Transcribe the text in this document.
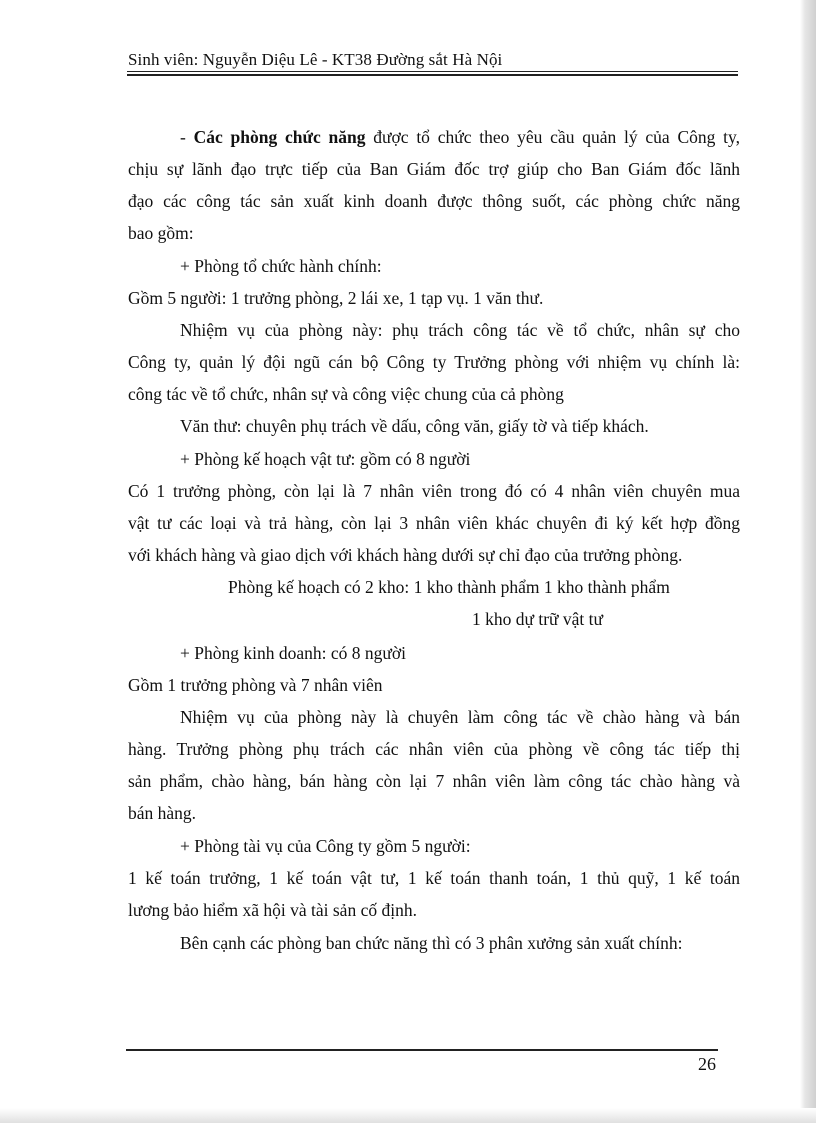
Sinh viên: Nguyễn Diệu Lê - KT38 Đường sắt Hà Nội
- Các phòng chức năng được tổ chức theo yêu cầu quản lý của Công ty,
chịu sự lãnh đạo trực tiếp của Ban Giám đốc trợ giúp cho Ban Giám đốc lãnh
đạo các công tác sản xuất kinh doanh được thông suốt, các phòng chức năng
bao gồm:
+ Phòng tổ chức hành chính:
Gồm 5 người: 1 trưởng phòng, 2 lái xe, 1 tạp vụ. 1 văn thư.
Nhiệm vụ của phòng này: phụ trách công tác về tổ chức, nhân sự cho
Công ty, quản lý đội ngũ cán bộ Công ty Trưởng phòng với nhiệm vụ chính là:
công tác về tổ chức, nhân sự và công việc chung của cả phòng
Văn thư: chuyên phụ trách về dấu, công văn, giấy tờ và tiếp khách.
+ Phòng kế hoạch vật tư: gồm có 8 người
Có 1 trưởng phòng, còn lại là 7 nhân viên trong đó có 4 nhân viên chuyên mua
vật tư các loại và trả hàng, còn lại 3 nhân viên khác chuyên đi ký kết hợp đồng
với khách hàng và giao dịch với khách hàng dưới sự chỉ đạo của trưởng phòng.
Phòng kế hoạch có 2 kho: 1 kho thành phẩm 1 kho thành phẩm
1 kho dự trữ vật tư
+ Phòng kinh doanh: có 8 người
Gồm 1 trưởng phòng và 7 nhân viên
Nhiệm vụ của phòng này là chuyên làm công tác về chào hàng và bán
hàng. Trưởng phòng phụ trách các nhân viên của phòng về công tác tiếp thị
sản phẩm, chào hàng, bán hàng còn lại 7 nhân viên làm công tác chào hàng và
bán hàng.
+ Phòng tài vụ của Công ty gồm 5 người:
1 kế toán trưởng, 1 kế toán vật tư, 1 kế toán thanh toán, 1 thủ quỹ, 1 kế toán
lương bảo hiểm xã hội và tài sản cố định.
Bên cạnh các phòng ban chức năng thì có 3 phân xưởng sản xuất chính:
26
